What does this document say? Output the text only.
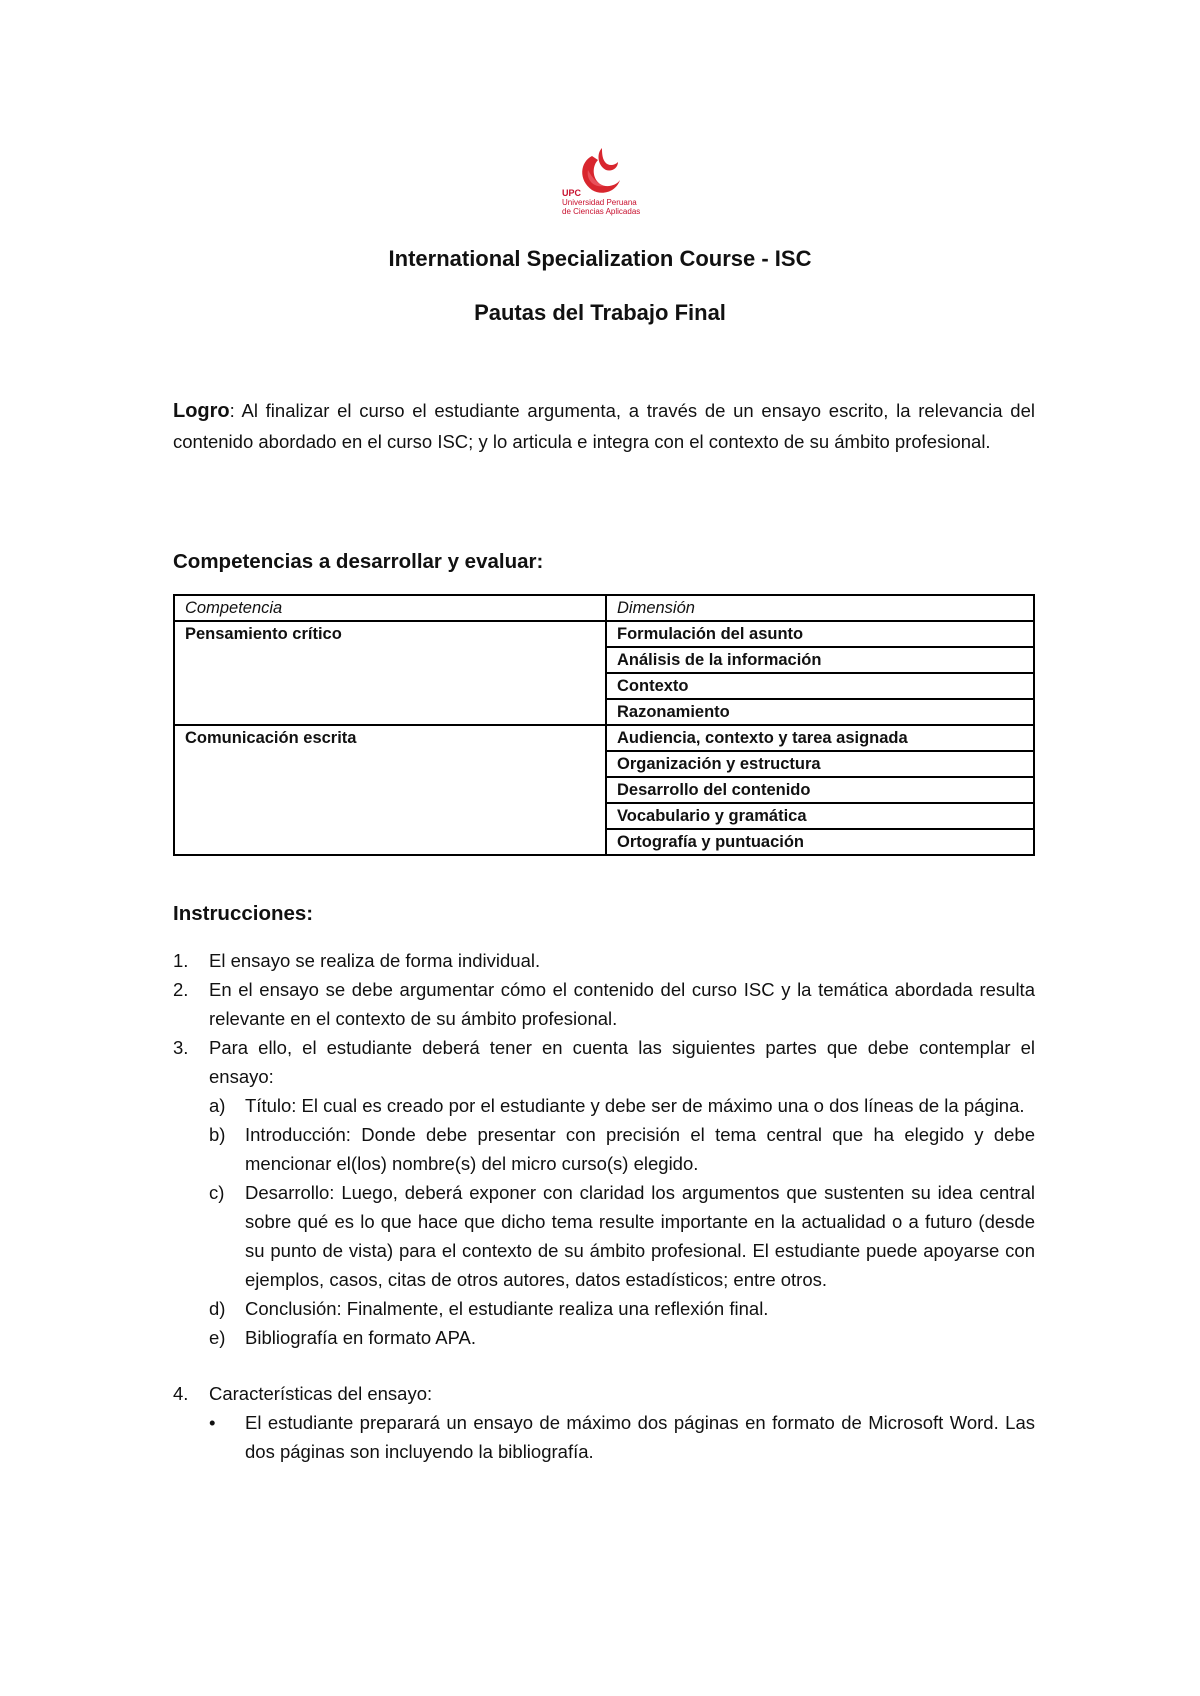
UPC
Universidad Peruana
de Ciencias Aplicadas
International Specialization Course - ISC
Pautas del Trabajo Final
Logro: Al finalizar el curso el estudiante argumenta, a través de un ensayo escrito, la relevancia del contenido abordado en el curso ISC; y lo articula e integra con el contexto de su ámbito profesional.
Competencias a desarrollar y evaluar:
Competencia	Dimensión
Pensamiento crítico	Formulación del asunto
	Análisis de la información
	Contexto
	Razonamiento
Comunicación escrita	Audiencia, contexto y tarea asignada
	Organización y estructura
	Desarrollo del contenido
	Vocabulario y gramática
	Ortografía y puntuación
Instrucciones:
1. El ensayo se realiza de forma individual.
2. En el ensayo se debe argumentar cómo el contenido del curso ISC y la temática abordada resulta relevante en el contexto de su ámbito profesional.
3. Para ello, el estudiante deberá tener en cuenta las siguientes partes que debe contemplar el ensayo:
a) Título: El cual es creado por el estudiante y debe ser de máximo una o dos líneas de la página.
b) Introducción: Donde debe presentar con precisión el tema central que ha elegido y debe mencionar el(los) nombre(s) del micro curso(s) elegido.
c) Desarrollo: Luego, deberá exponer con claridad los argumentos que sustenten su idea central sobre qué es lo que hace que dicho tema resulte importante en la actualidad o a futuro (desde su punto de vista) para el contexto de su ámbito profesional. El estudiante puede apoyarse con ejemplos, casos, citas de otros autores, datos estadísticos; entre otros.
d) Conclusión: Finalmente, el estudiante realiza una reflexión final.
e) Bibliografía en formato APA.
4. Características del ensayo:
• El estudiante preparará un ensayo de máximo dos páginas en formato de Microsoft Word. Las dos páginas son incluyendo la bibliografía.
